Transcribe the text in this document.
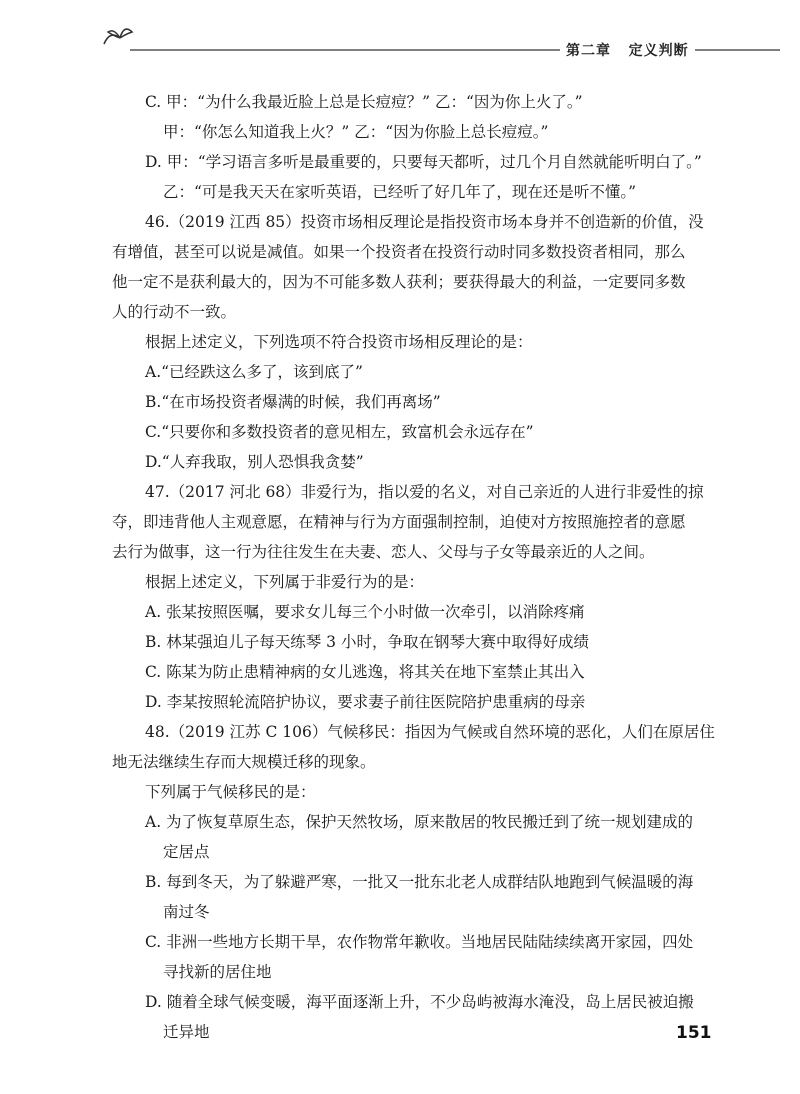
第二章 定义判断
C. 甲：“为什么我最近脸上总是长痘痘？” 乙：“因为你上火了。”
甲：“你怎么知道我上火？” 乙：“因为你脸上总长痘痘。”
D. 甲：“学习语言多听是最重要的，只要每天都听，过几个月自然就能听明白了。”
乙：“可是我天天在家听英语，已经听了好几年了，现在还是听不懂。”
46.（2019 江西 85）投资市场相反理论是指投资市场本身并不创造新的价值，没
有增值，甚至可以说是减值。如果一个投资者在投资行动时同多数投资者相同，那么
他一定不是获利最大的，因为不可能多数人获利；要获得最大的利益，一定要同多数
人的行动不一致。
根据上述定义，下列选项不符合投资市场相反理论的是：
A.“已经跌这么多了，该到底了”
B.“在市场投资者爆满的时候，我们再离场”
C.“只要你和多数投资者的意见相左，致富机会永远存在”
D.“人弃我取，别人恐惧我贪婪”
47.（2017 河北 68）非爱行为，指以爱的名义，对自己亲近的人进行非爱性的掠
夺，即违背他人主观意愿，在精神与行为方面强制控制，迫使对方按照施控者的意愿
去行为做事，这一行为往往发生在夫妻、恋人、父母与子女等最亲近的人之间。
根据上述定义，下列属于非爱行为的是：
A. 张某按照医嘱，要求女儿每三个小时做一次牵引，以消除疼痛
B. 林某强迫儿子每天练琴 3 小时，争取在钢琴大赛中取得好成绩
C. 陈某为防止患精神病的女儿逃逸，将其关在地下室禁止其出入
D. 李某按照轮流陪护协议，要求妻子前往医院陪护患重病的母亲
48.（2019 江苏 C 106）气候移民：指因为气候或自然环境的恶化，人们在原居住
地无法继续生存而大规模迁移的现象。
下列属于气候移民的是：
A. 为了恢复草原生态，保护天然牧场，原来散居的牧民搬迁到了统一规划建成的
定居点
B. 每到冬天，为了躲避严寒，一批又一批东北老人成群结队地跑到气候温暖的海
南过冬
C. 非洲一些地方长期干旱，农作物常年歉收。当地居民陆陆续续离开家园，四处
寻找新的居住地
D. 随着全球气候变暖，海平面逐渐上升，不少岛屿被海水淹没，岛上居民被迫搬
迁异地	151
